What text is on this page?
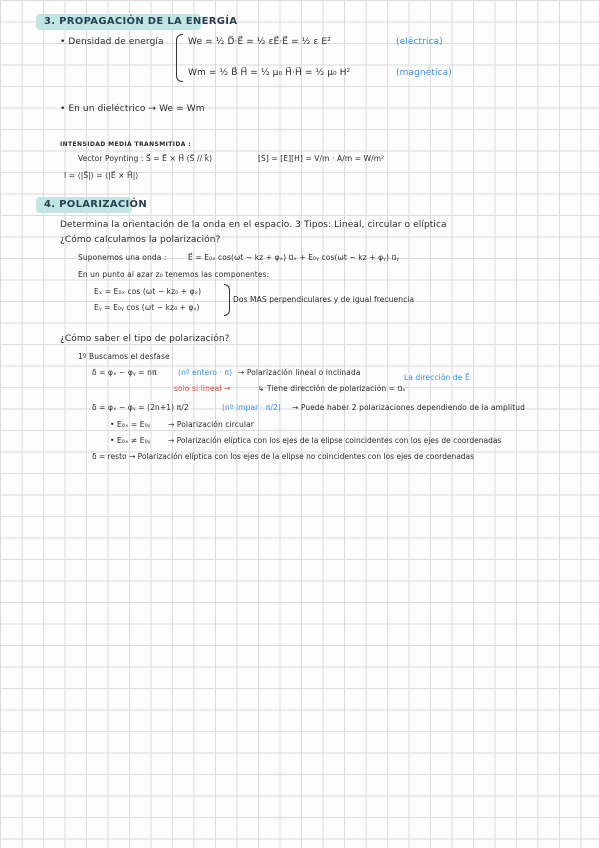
3. PROPAGACIÓN DE LA ENERGÍA
• Densidad de energía	We = ½ D⃗·E⃗ = ½ εE⃗·E⃗ = ½ ε E²	(eléctrica)
Wm = ½ B⃗ H⃗ = ½ μ₀ H⃗·H⃗ = ½ μ₀ H²	(magnética)
• En un dieléctrico → We = Wm
INTENSIDAD MEDIA TRANSMITIDA :
Vector Poynting : S⃗ = E⃗ × H⃗ (S⃗ // k⃗)	[S] = [E][H] = V/m · A/m = W/m²
I = ⟨|S⃗|⟩ = ⟨|E⃗ × H⃗|⟩
4. POLARIZACIÓN
Determina la orientación de la onda en el espacio. 3 Tipos: Lineal, circular o elíptica
¿Cómo calculamos la polarización?
Suponemos una onda :	E⃗ = E₀ₓ cos(ωt − kz + φₓ) u⃗ₓ + E₀ᵧ cos(ωt − kz + φᵧ) u⃗ᵧ
En un punto al azar z₀ tenemos las componentes:
Eₓ = E₀ₓ cos (ωt − kz₀ + φₓ)
Eᵧ = E₀ᵧ cos (ωt − kz₀ + φᵧ)
Dos MAS perpendiculares y de igual frecuencia
¿Cómo saber el tipo de polarización?
1º Buscamos el desfase
δ = φₓ − φᵧ = nπ	(nº entero · π) → Polarización lineal o inclinada
La dirección de E⃗
solo si lineal →	↳ Tiene dirección de polarización = u⃗ₑ
δ = φₓ − φᵧ = (2n+1) π/2	(nº impar · π/2) → Puede haber 2 polarizaciones dependiendo de la amplitud
• E₀ₓ = E₀ᵧ → Polarización circular
• E₀ₓ ≠ E₀ᵧ → Polarización elíptica con los ejes de la elipse coincidentes con los ejes de coordenadas
δ = resto → Polarización elíptica con los ejes de la elipse no coincidentes con los ejes de coordenadas
